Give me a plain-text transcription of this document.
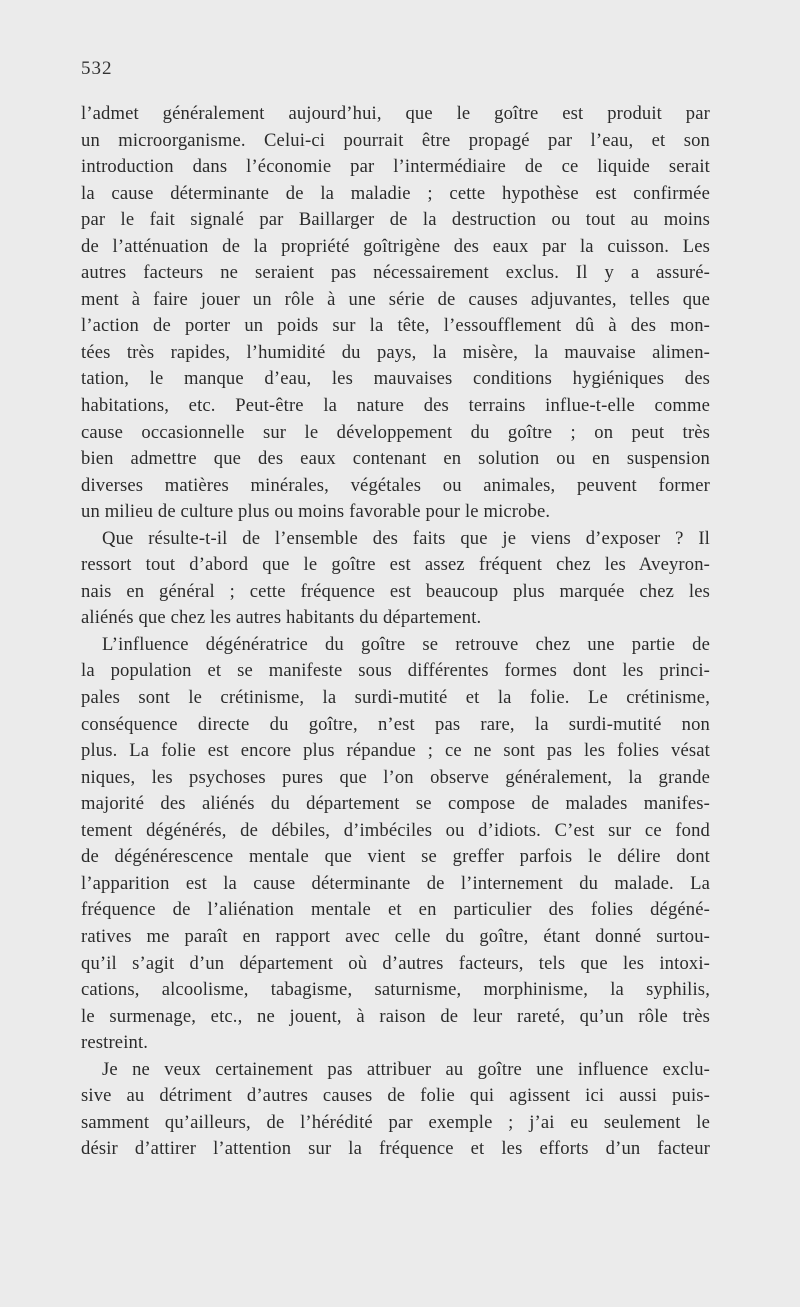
532
l’admet généralement aujourd’hui, que le goître est produit par
un microorganisme. Celui-ci pourrait être propagé par l’eau, et son
introduction dans l’économie par l’intermédiaire de ce liquide serait
la cause déterminante de la maladie ; cette hypothèse est confirmée
par le fait signalé par Baillarger de la destruction ou tout au moins
de l’atténuation de la propriété goîtrigène des eaux par la cuisson. Les
autres facteurs ne seraient pas nécessairement exclus. Il y a assuré-
ment à faire jouer un rôle à une série de causes adjuvantes, telles que
l’action de porter un poids sur la tête, l’essoufflement dû à des mon-
tées très rapides, l’humidité du pays, la misère, la mauvaise alimen-
tation, le manque d’eau, les mauvaises conditions hygiéniques des
habitations, etc. Peut-être la nature des terrains influe-t-elle comme
cause occasionnelle sur le développement du goître ; on peut très
bien admettre que des eaux contenant en solution ou en suspension
diverses matières minérales, végétales ou animales, peuvent former
un milieu de culture plus ou moins favorable pour le microbe.
Que résulte-t-il de l’ensemble des faits que je viens d’exposer ? Il
ressort tout d’abord que le goître est assez fréquent chez les Aveyron-
nais en général ; cette fréquence est beaucoup plus marquée chez les
aliénés que chez les autres habitants du département.
L’influence dégénératrice du goître se retrouve chez une partie de
la population et se manifeste sous différentes formes dont les princi-
pales sont le crétinisme, la surdi-mutité et la folie. Le crétinisme,
conséquence directe du goître, n’est pas rare, la surdi-mutité non
plus. La folie est encore plus répandue ; ce ne sont pas les folies vésat
niques, les psychoses pures que l’on observe généralement, la grande
majorité des aliénés du département se compose de malades manifes-
tement dégénérés, de débiles, d’imbéciles ou d’idiots. C’est sur ce fond
de dégénérescence mentale que vient se greffer parfois le délire dont
l’apparition est la cause déterminante de l’internement du malade. La
fréquence de l’aliénation mentale et en particulier des folies dégéné-
ratives me paraît en rapport avec celle du goître, étant donné surtou-
qu’il s’agit d’un département où d’autres facteurs, tels que les intoxi-
cations, alcoolisme, tabagisme, saturnisme, morphinisme, la syphilis,
le surmenage, etc., ne jouent, à raison de leur rareté, qu’un rôle très
restreint.
Je ne veux certainement pas attribuer au goître une influence exclu-
sive au détriment d’autres causes de folie qui agissent ici aussi puis-
samment qu’ailleurs, de l’hérédité par exemple ; j’ai eu seulement le
désir d’attirer l’attention sur la fréquence et les efforts d’un facteur
